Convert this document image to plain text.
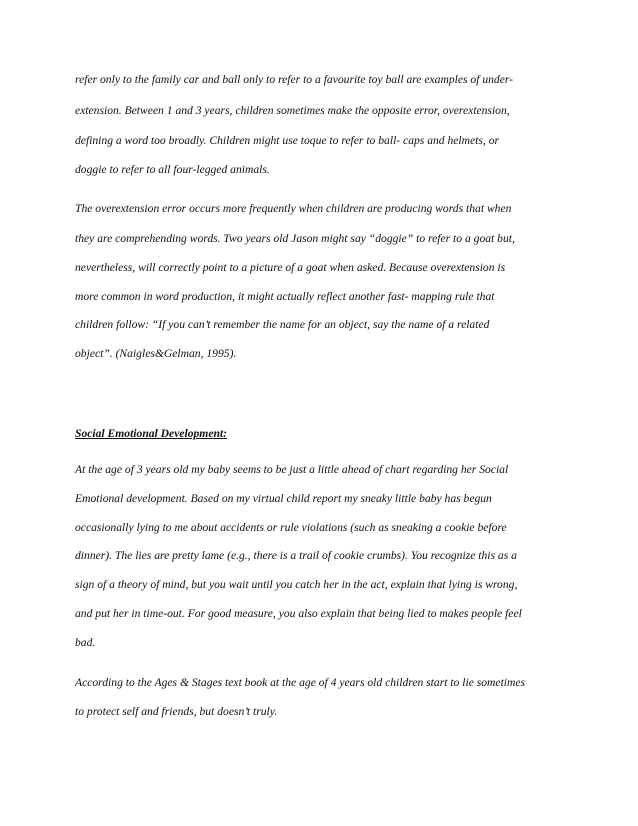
refer only to the family car and ball only to refer to a favourite toy ball are examples of under-

extension. Between 1 and 3 years, children sometimes make the opposite error, overextension,

defining a word too broadly. Children might use toque to refer to ball- caps and helmets, or

doggie to refer to all four-legged animals.

The overextension error occurs more frequently when children are producing words that when

they are comprehending words. Two years old Jason might say “doggie” to refer to a goat but,

nevertheless, will correctly point to a picture of a goat when asked. Because overextension is

more common in word production, it might actually reflect another fast- mapping rule that

children follow: “If you can’t remember the name for an object, say the name of a related

object”. (Naigles&Gelman, 1995).

Social Emotional Development:

At the age of 3 years old my baby seems to be just a little ahead of chart regarding her Social

Emotional development. Based on my virtual child report my sneaky little baby has begun

occasionally lying to me about accidents or rule violations (such as sneaking a cookie before

dinner). The lies are pretty lame (e.g., there is a trail of cookie crumbs). You recognize this as a

sign of a theory of mind, but you wait until you catch her in the act, explain that lying is wrong,

and put her in time-out. For good measure, you also explain that being lied to makes people feel

bad.

According to the Ages & Stages text book at the age of 4 years old children start to lie sometimes

to protect self and friends, but doesn’t truly.
